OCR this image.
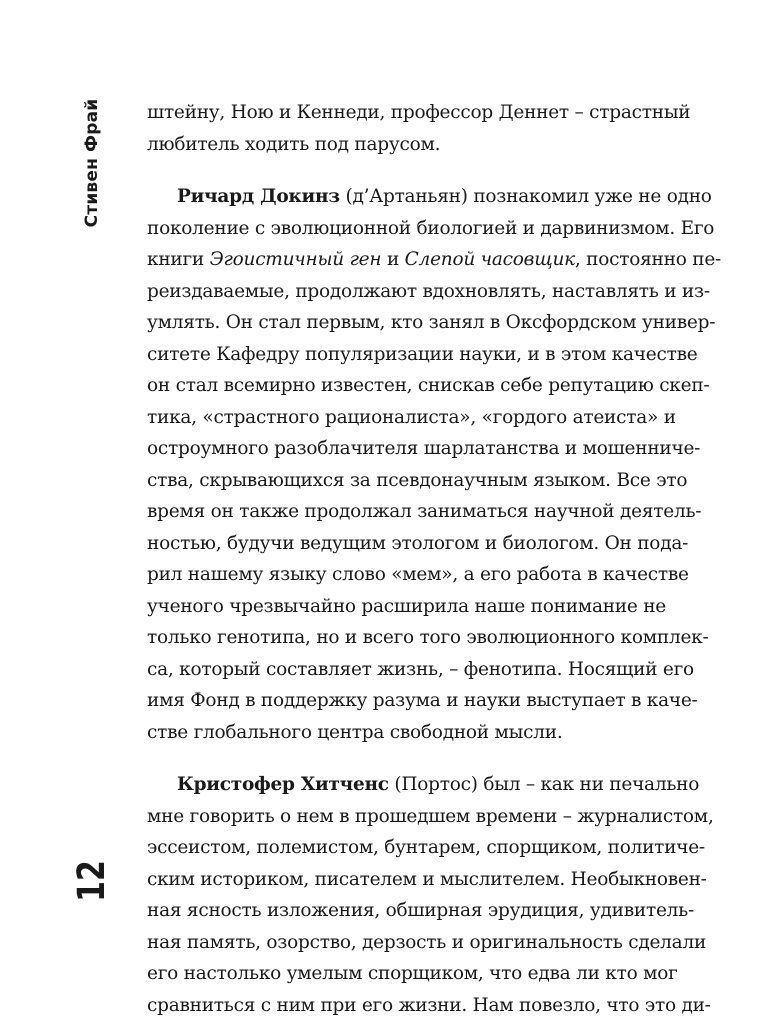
Стивен Фрай
12
штейну, Ною и Кеннеди, профессор Деннет – страстный
любитель ходить под парусом.
Ричард Докинз (д’Артаньян) познакомил уже не одно
поколение с эволюционной биологией и дарвинизмом. Его
книги Эгоистичный ген и Слепой часовщик, постоянно пе-
реиздаваемые, продолжают вдохновлять, наставлять и из-
умлять. Он стал первым, кто занял в Оксфордском универ-
ситете Кафедру популяризации науки, и в этом качестве
он стал всемирно известен, снискав себе репутацию скеп-
тика, «страстного рационалиста», «гордого атеиста» и
остроумного разоблачителя шарлатанства и мошенниче-
ства, скрывающихся за псевдонаучным языком. Все это
время он также продолжал заниматься научной деятель-
ностью, будучи ведущим этологом и биологом. Он пода-
рил нашему языку слово «мем», а его работа в качестве
ученого чрезвычайно расширила наше понимание не
только генотипа, но и всего того эволюционного комплек-
са, который составляет жизнь, – фенотипа. Носящий его
имя Фонд в поддержку разума и науки выступает в каче-
стве глобального центра свободной мысли.
Кристофер Хитченс (Портос) был – как ни печально
мне говорить о нем в прошедшем времени – журналистом,
эссеистом, полемистом, бунтарем, спорщиком, политиче-
ским историком, писателем и мыслителем. Необыкновен-
ная ясность изложения, обширная эрудиция, удивитель-
ная память, озорство, дерзость и оригинальность сделали
его настолько умелым спорщиком, что едва ли кто мог
сравниться с ним при его жизни. Нам повезло, что это ди-
